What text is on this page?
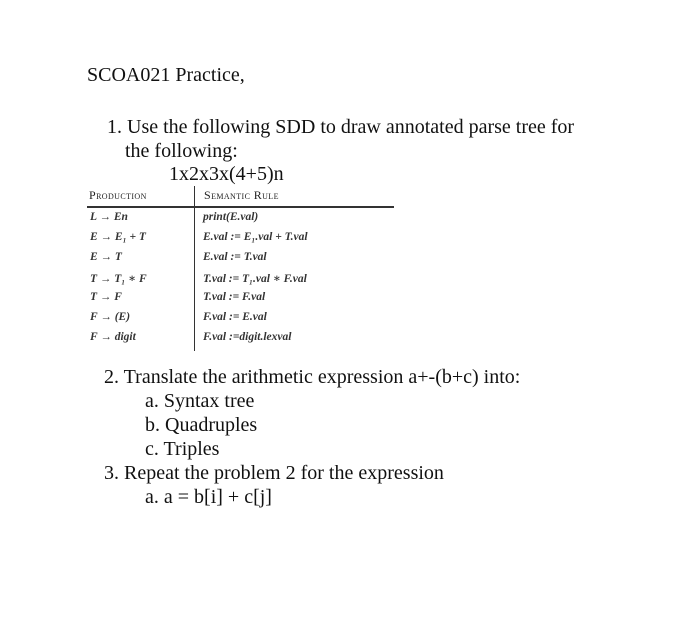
SCOA021 Practice,
1. Use the following SDD to draw annotated parse tree for
the following:
1x2x3x(4+5)n
Production	Semantic Rule
L → En	print(E.val)
E → E₁ + T	E.val := E₁.val + T.val
E → T	E.val := T.val
T → T₁ ∗ F	T.val := T₁.val ∗ F.val
T → F	T.val := F.val
F → (E)	F.val := E.val
F → digit	F.val :=digit.lexval
2. Translate the arithmetic expression a+-(b+c) into:
a. Syntax tree
b. Quadruples
c. Triples
3. Repeat the problem 2 for the expression
a. a = b[i] + c[j]
